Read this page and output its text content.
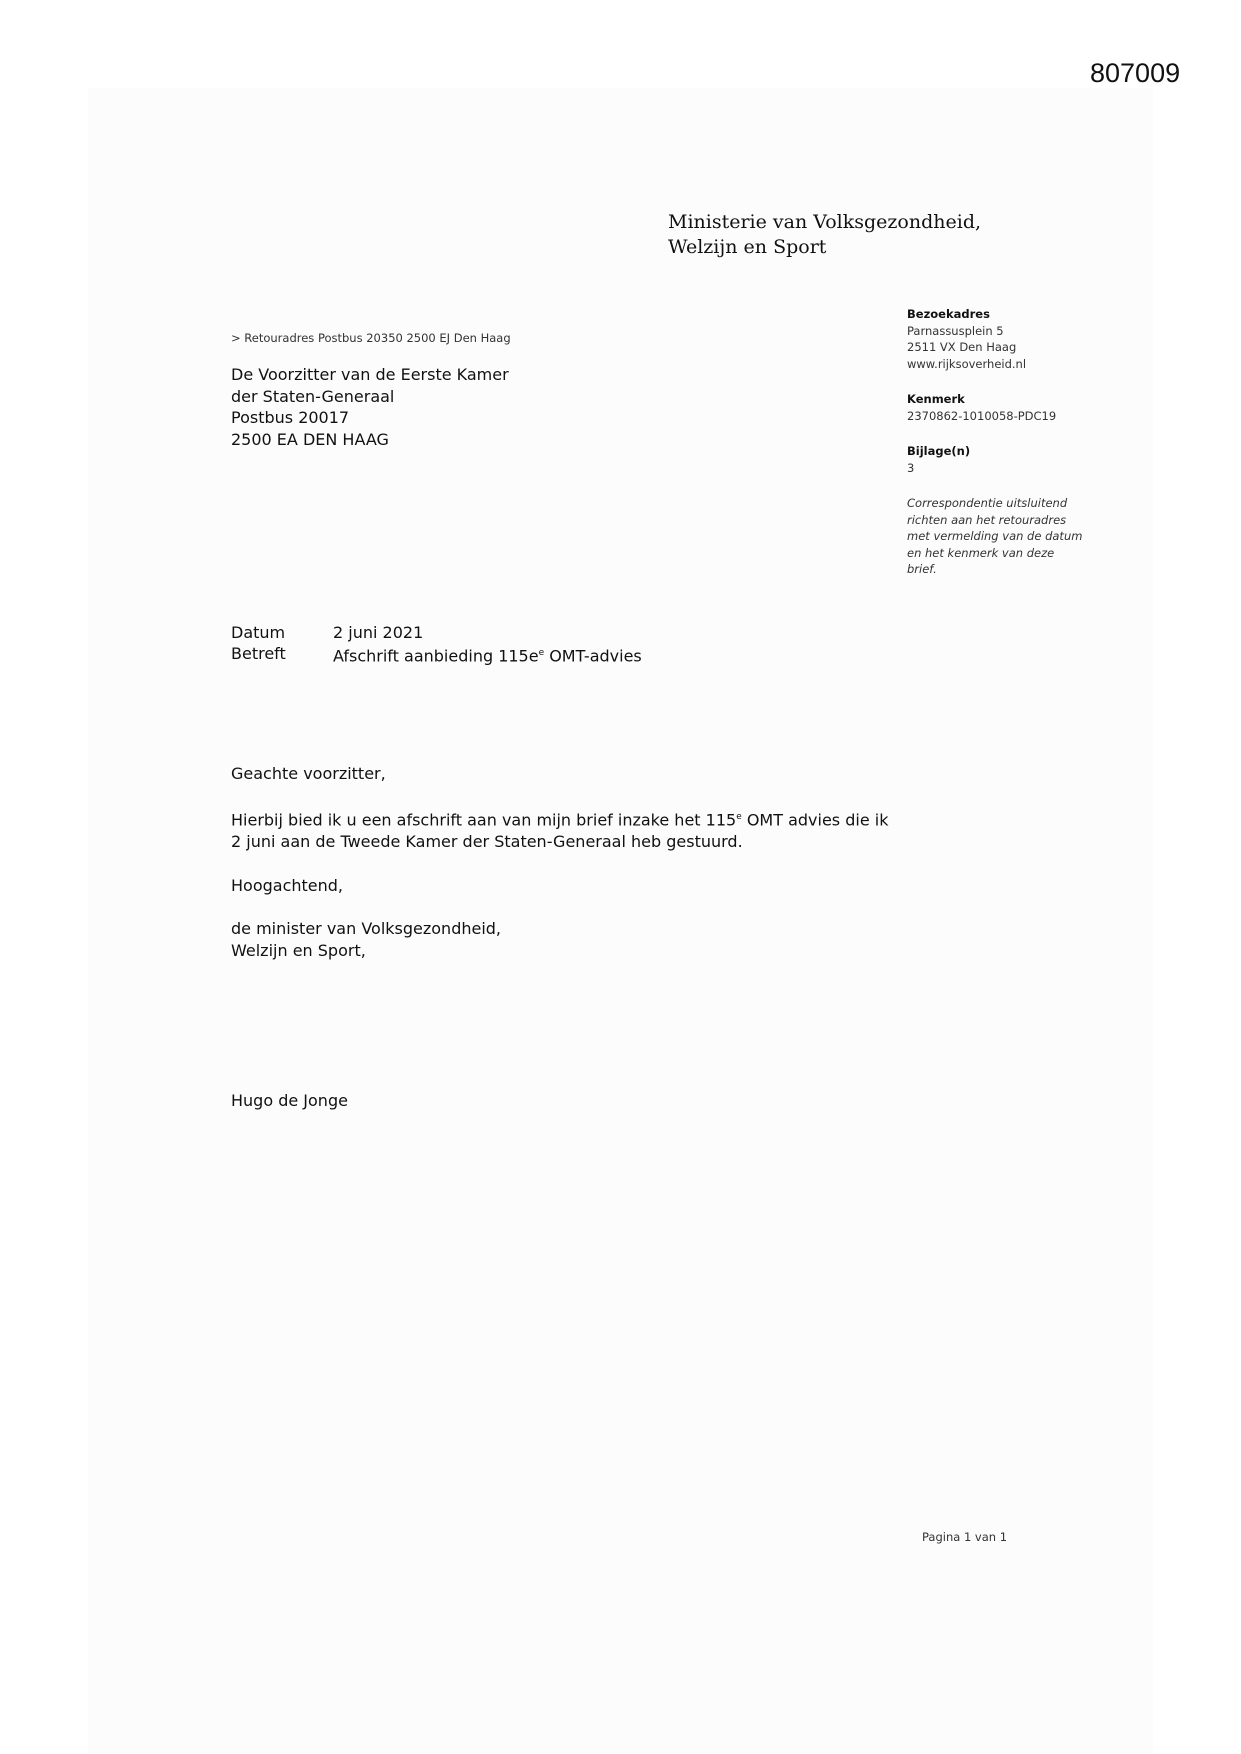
807009
Ministerie van Volksgezondheid,
Welzijn en Sport
> Retouradres Postbus 20350 2500 EJ Den Haag
De Voorzitter van de Eerste Kamer
der Staten-Generaal
Postbus 20017
2500 EA DEN HAAG
Bezoekadres
Parnassusplein 5
2511 VX Den Haag
www.rijksoverheid.nl
Kenmerk
2370862-1010058-PDC19
Bijlage(n)
3
Correspondentie uitsluitend
richten aan het retouradres
met vermelding van de datum
en het kenmerk van deze
brief.
Datum	2 juni 2021
Betreft	Afschrift aanbieding $115e^e$ OMT-advies
Geachte voorzitter,
Hierbij bied ik u een afschrift aan van mijn brief inzake het 115e OMT advies die ik
2 juni aan de Tweede Kamer der Staten-Generaal heb gestuurd.
Hoogachtend,
de minister van Volksgezondheid,
Welzijn en Sport,
Hugo de Jonge
Pagina 1 van 1
